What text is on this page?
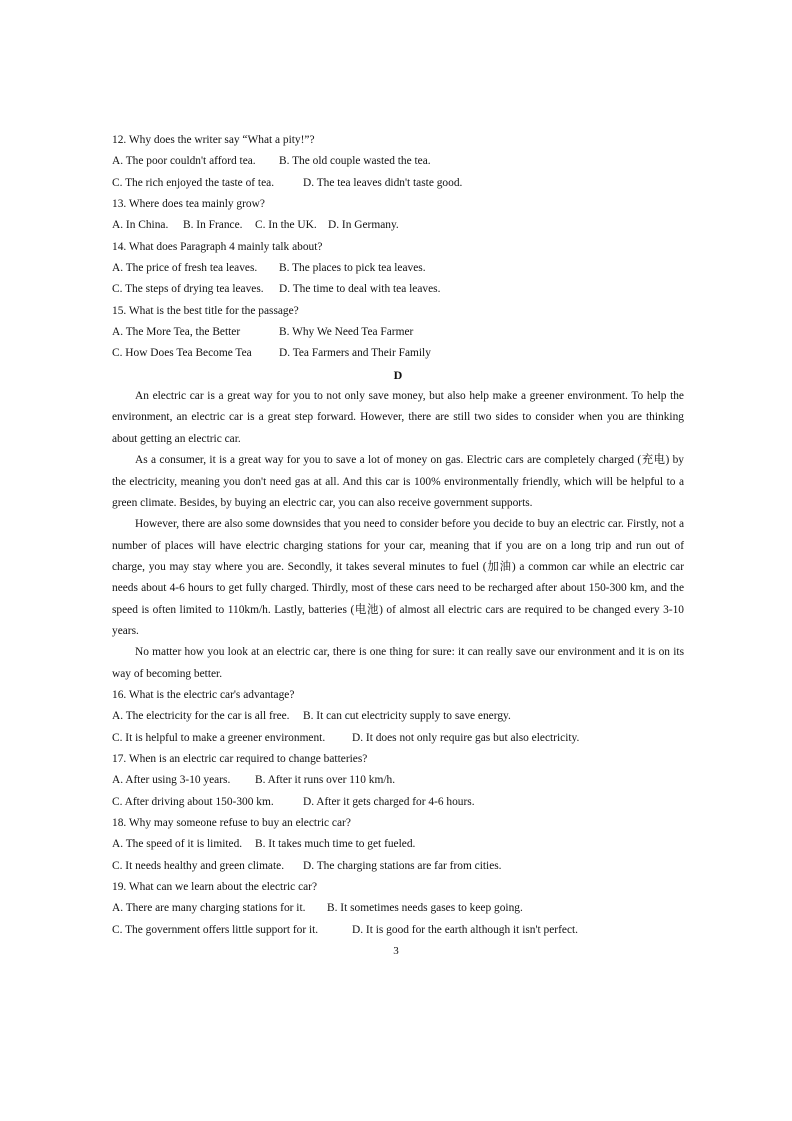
12. Why does the writer say “What a pity!”?
A. The poor couldn't afford tea. B. The old couple wasted the tea.
C. The rich enjoyed the taste of tea.	D. The tea leaves didn't taste good.
13. Where does tea mainly grow?
A. In China. B. In France. C. In the UK. D. In Germany.
14. What does Paragraph 4 mainly talk about?
A. The price of fresh tea leaves. B. The places to pick tea leaves.
C. The steps of drying tea leaves. D. The time to deal with tea leaves.
15. What is the best title for the passage?
A. The More Tea, the Better	B. Why We Need Tea Farmer
C. How Does Tea Become Tea D. Tea Farmers and Their Family
D
An electric car is a great way for you to not only save money, but also help make a greener environment. To help the environment, an electric car is a great step forward. However, there are still two sides to consider when you are thinking about getting an electric car.
As a consumer, it is a great way for you to save a lot of money on gas. Electric cars are completely charged (充电) by the electricity, meaning you don't need gas at all. And this car is 100% environmentally friendly, which will be helpful to a green climate. Besides, by buying an electric car, you can also receive government supports.
However, there are also some downsides that you need to consider before you decide to buy an electric car. Firstly, not a number of places will have electric charging stations for your car, meaning that if you are on a long trip and run out of charge, you may stay where you are. Secondly, it takes several minutes to fuel (加油) a common car while an electric car needs about 4-6 hours to get fully charged. Thirdly, most of these cars need to be recharged after about 150-300 km, and the speed is often limited to 110km/h. Lastly, batteries (电池) of almost all electric cars are required to be changed every 3-10 years.
No matter how you look at an electric car, there is one thing for sure: it can really save our environment and it is on its way of becoming better.
16. What is the electric car's advantage?
A. The electricity for the car is all free. B. It can cut electricity supply to save energy.
C. It is helpful to make a greener environment. D. It does not only require gas but also electricity.
17. When is an electric car required to change batteries?
A. After using 3-10 years. B. After it runs over 110 km/h.
C. After driving about 150-300 km.	D. After it gets charged for 4-6 hours.
18. Why may someone refuse to buy an electric car?
A. The speed of it is limited. B. It takes much time to get fueled.
C. It needs healthy and green climate. D. The charging stations are far from cities.
19. What can we learn about the electric car?
A. There are many charging stations for it. B. It sometimes needs gases to keep going.
C. The government offers little support for it.	D. It is good for the earth although it isn't perfect.
3
